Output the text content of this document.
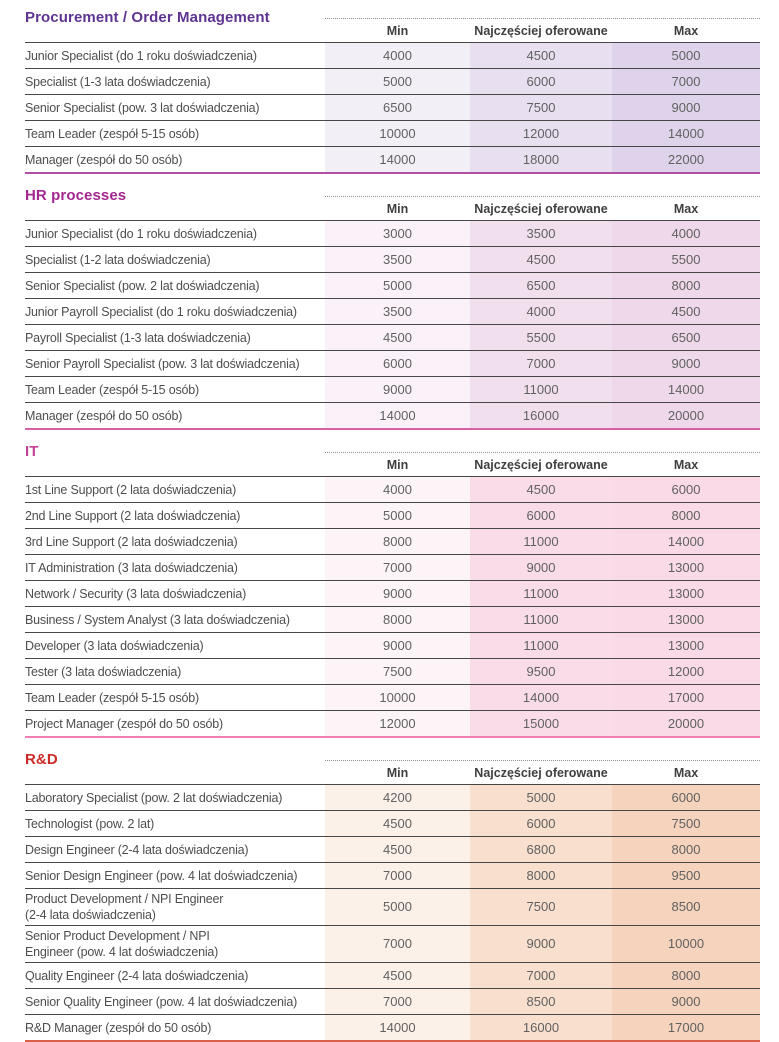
Procurement / Order Management
Min	Najczęściej oferowane	Max
Junior Specialist (do 1 roku doświadczenia)	4000	4500	5000
Specialist (1-3 lata doświadczenia)	5000	6000	7000
Senior Specialist (pow. 3 lat doświadczenia)	6500	7500	9000
Team Leader (zespół 5-15 osób)	10000	12000	14000
Manager (zespół do 50 osób)	14000	18000	22000
HR processes
Min	Najczęściej oferowane	Max
Junior Specialist (do 1 roku doświadczenia)	3000	3500	4000
Specialist (1-2 lata doświadczenia)	3500	4500	5500
Senior Specialist (pow. 2 lat doświadczenia)	5000	6500	8000
Junior Payroll Specialist (do 1 roku doświadczenia)	3500	4000	4500
Payroll Specialist (1-3 lata doświadczenia)	4500	5500	6500
Senior Payroll Specialist (pow. 3 lat doświadczenia)	6000	7000	9000
Team Leader (zespół 5-15 osób)	9000	11000	14000
Manager (zespół do 50 osób)	14000	16000	20000
IT
Min	Najczęściej oferowane	Max
1st Line Support (2 lata doświadczenia)	4000	4500	6000
2nd Line Support (2 lata doświadczenia)	5000	6000	8000
3rd Line Support (2 lata doświadczenia)	8000	11000	14000
IT Administration (3 lata doświadczenia)	7000	9000	13000
Network / Security (3 lata doświadczenia)	9000	11000	13000
Business / System Analyst (3 lata doświadczenia)	8000	11000	13000
Developer (3 lata doświadczenia)	9000	11000	13000
Tester (3 lata doświadczenia)	7500	9500	12000
Team Leader (zespół 5-15 osób)	10000	14000	17000
Project Manager (zespół do 50 osób)	12000	15000	20000
R&D
Min	Najczęściej oferowane	Max
Laboratory Specialist (pow. 2 lat doświadczenia)	4200	5000	6000
Technologist (pow. 2 lat)	4500	6000	7500
Design Engineer (2-4 lata doświadczenia)	4500	6800	8000
Senior Design Engineer (pow. 4 lat doświadczenia)	7000	8000	9500
Product Development / NPI Engineer
(2-4 lata doświadczenia)
5000	7500	8500
Senior Product Development / NPI
Engineer (pow. 4 lat doświadczenia)
7000	9000	10000
Quality Engineer (2-4 lata doświadczenia)	4500	7000	8000
Senior Quality Engineer (pow. 4 lat doświadczenia)	7000	8500	9000
R&D Manager (zespół do 50 osób)	14000	16000	17000
